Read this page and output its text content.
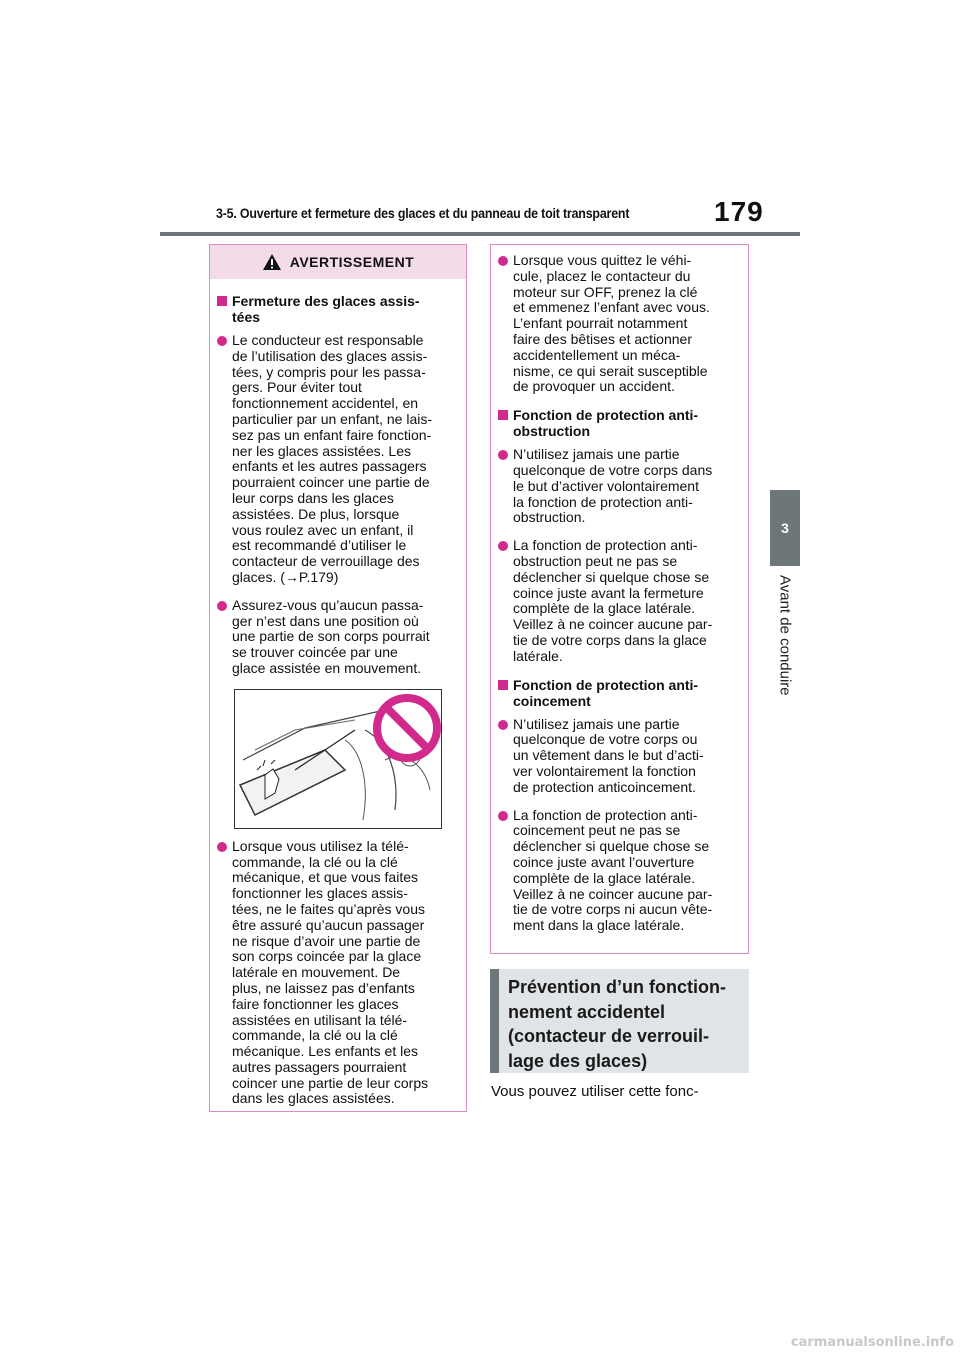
3-5. Ouverture et fermeture des glaces et du panneau de toit transparent	179
3
Avant de conduire
AVERTISSEMENT
Fermeture des glaces assis-
tées
Le conducteur est responsable
de l’utilisation des glaces assis-
tées, y compris pour les passa-
gers. Pour éviter tout
fonctionnement accidentel, en
particulier par un enfant, ne lais-
sez pas un enfant faire fonction-
ner les glaces assistées. Les
enfants et les autres passagers
pourraient coincer une partie de
leur corps dans les glaces
assistées. De plus, lorsque
vous roulez avec un enfant, il
est recommandé d’utiliser le
contacteur de verrouillage des
glaces. (→P.179)
Assurez-vous qu’aucun passa-
ger n’est dans une position où
une partie de son corps pourrait
se trouver coincée par une
glace assistée en mouvement.
Lorsque vous utilisez la télé-
commande, la clé ou la clé
mécanique, et que vous faites
fonctionner les glaces assis-
tées, ne le faites qu’après vous
être assuré qu’aucun passager
ne risque d’avoir une partie de
son corps coincée par la glace
latérale en mouvement. De
plus, ne laissez pas d’enfants
faire fonctionner les glaces
assistées en utilisant la télé-
commande, la clé ou la clé
mécanique. Les enfants et les
autres passagers pourraient
coincer une partie de leur corps
dans les glaces assistées.
Lorsque vous quittez le véhi-
cule, placez le contacteur du
moteur sur OFF, prenez la clé
et emmenez l’enfant avec vous.
L’enfant pourrait notamment
faire des bêtises et actionner
accidentellement un méca-
nisme, ce qui serait susceptible
de provoquer un accident.
Fonction de protection anti-
obstruction
N’utilisez jamais une partie
quelconque de votre corps dans
le but d’activer volontairement
la fonction de protection anti-
obstruction.
La fonction de protection anti-
obstruction peut ne pas se
déclencher si quelque chose se
coince juste avant la fermeture
complète de la glace latérale.
Veillez à ne coincer aucune par-
tie de votre corps dans la glace
latérale.
Fonction de protection anti-
coincement
N’utilisez jamais une partie
quelconque de votre corps ou
un vêtement dans le but d’acti-
ver volontairement la fonction
de protection anticoincement.
La fonction de protection anti-
coincement peut ne pas se
déclencher si quelque chose se
coince juste avant l’ouverture
complète de la glace latérale.
Veillez à ne coincer aucune par-
tie de votre corps ni aucun vête-
ment dans la glace latérale.
Prévention d’un fonction-
nement accidentel
(contacteur de verrouil-
lage des glaces)
Vous pouvez utiliser cette fonc-
carmanualsonline.info
